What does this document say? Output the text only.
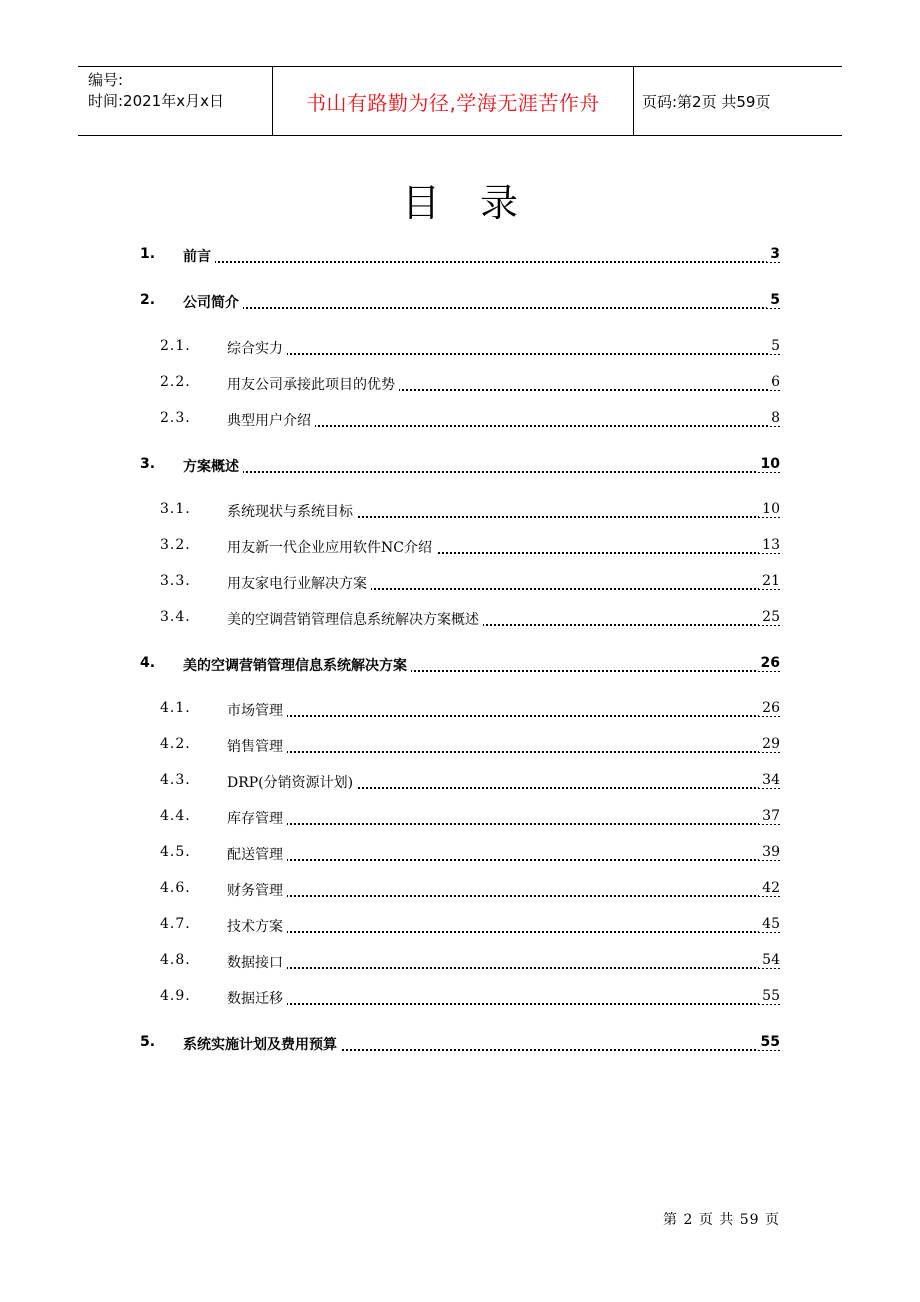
编号:
时间:2021年x月x日	书山有路勤为径,学海无涯苦作舟	页码:第2页 共59页
目录
1. 前言	3
2. 公司简介	5
2.1.	综合实力	5
2.2.	用友公司承接此项目的优势	6
2.3.	典型用户介绍	8
3. 方案概述	10
3.1.	系统现状与系统目标	10
3.2.	用友新一代企业应用软件NC介绍	13
3.3.	用友家电行业解决方案	21
3.4.	美的空调营销管理信息系统解决方案概述	25
4. 美的空调营销管理信息系统解决方案	26
4.1.	市场管理	26
4.2.	销售管理	29
4.3.	DRP(分销资源计划)	34
4.4.	库存管理	37
4.5.	配送管理	39
4.6.	财务管理	42
4.7.	技术方案	45
4.8.	数据接口	54
4.9.	数据迁移	55
5. 系统实施计划及费用预算	55
第 2 页 共 59 页
